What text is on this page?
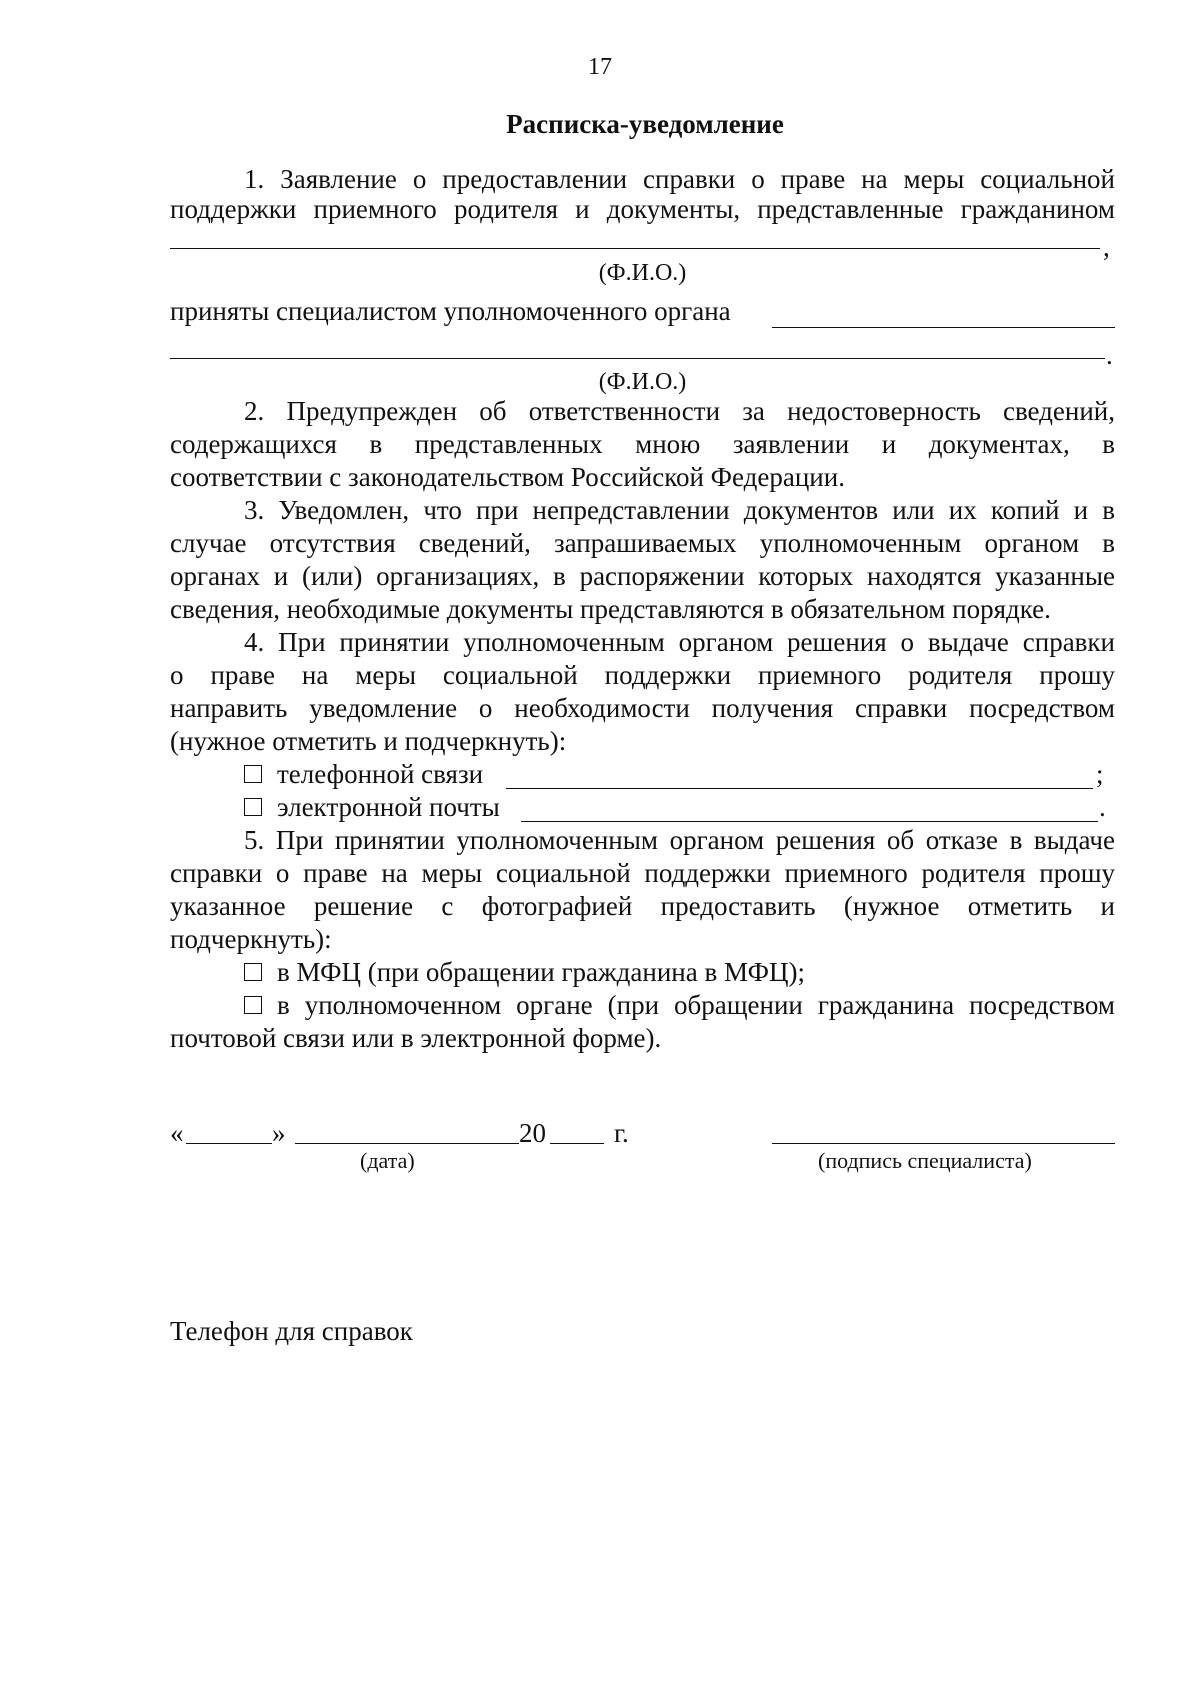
17
Расписка-уведомление
1. Заявление о предоставлении справки о праве на меры социальной
поддержки приемного родителя и документы, представленные гражданином
,
(Ф.И.О.)
приняты специалистом уполномоченного органа
.
(Ф.И.О.)
2. Предупрежден об ответственности за недостоверность сведений,
содержащихся в представленных мною заявлении и документах, в
соответствии с законодательством Российской Федерации.
3. Уведомлен, что при непредставлении документов или их копий и в
случае отсутствия сведений, запрашиваемых уполномоченным органом в
органах и (или) организациях, в распоряжении которых находятся указанные
сведения, необходимые документы представляются в обязательном порядке.
4. При принятии уполномоченным органом решения о выдаче справки
о праве на меры социальной поддержки приемного родителя прошу
направить уведомление о необходимости получения справки посредством
(нужное отметить и подчеркнуть):
телефонной связи	;
электронной почты	.
5. При принятии уполномоченным органом решения об отказе в выдаче
справки о праве на меры социальной поддержки приемного родителя прошу
указанное решение с фотографией предоставить (нужное отметить и
подчеркнуть):
в МФЦ (при обращении гражданина в МФЦ);
в уполномоченном органе (при обращении гражданина посредством
почтовой связи или в электронной форме).
«	»	20	г.
(дата)	(подпись специалиста)
Телефон для справок
